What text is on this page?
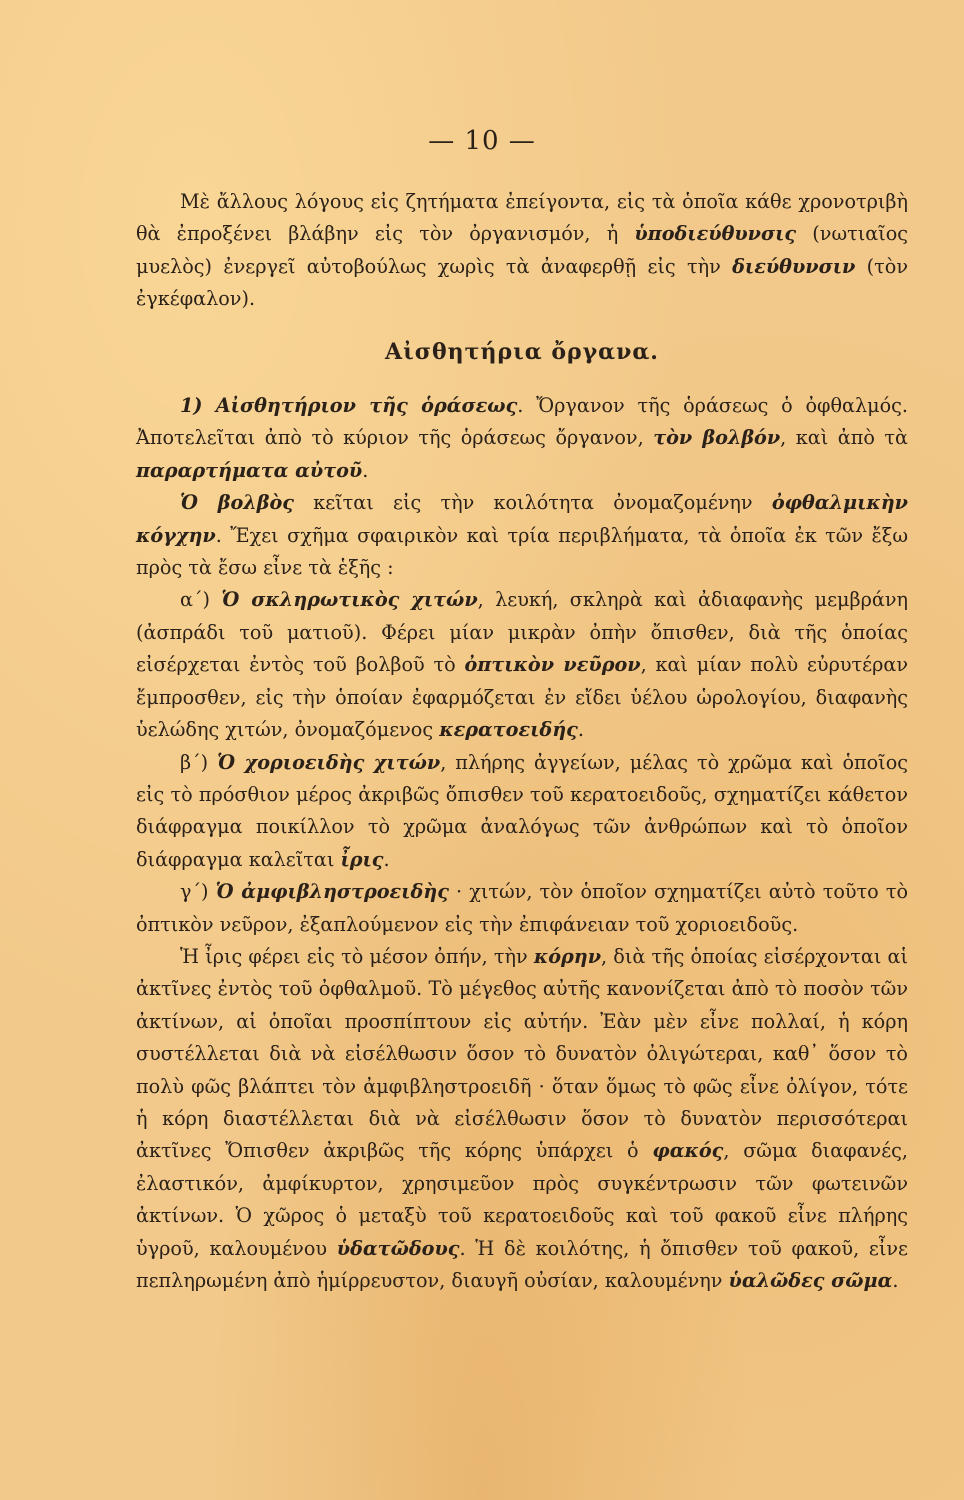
— 10 —

Μὲ ἄλλους λόγους εἰς ζητήματα ἐπείγοντα, εἰς τὰ ὁποῖα κάθε χρονοτριβὴ θὰ ἐπροξένει βλάβην εἰς τὸν ὀργανισμόν, ἡ ὑποδιεύθυνσις (νωτιαῖος μυελὸς) ἐνεργεῖ αὐτοβούλως χωρὶς τὰ ἀναφερθῇ εἰς τὴν διεύθυνσιν (τὸν ἐγκέφαλον).

Αἰσθητήρια ὄργανα.

1) Αἰσθητήριον τῆς ὁράσεως. Ὄργανον τῆς ὁράσεως ὁ ὀφθαλμός. Ἀποτελεῖται ἀπὸ τὸ κύριον τῆς ὁράσεως ὄργανον, τὸν βολβόν, καὶ ἀπὸ τὰ παραρτήματα αὐτοῦ.

Ὁ βολβὸς κεῖται εἰς τὴν κοιλότητα ὀνομαζομένην ὀφθαλμικὴν κόγχην. Ἔχει σχῆμα σφαιρικὸν καὶ τρία περιβλήματα, τὰ ὁποῖα ἐκ τῶν ἔξω πρὸς τὰ ἔσω εἶνε τὰ ἑξῆς :

α΄) Ὁ σκληρωτικὸς χιτών, λευκή, σκληρὰ καὶ ἀδιαφανὴς μεμβράνη (ἀσπράδι τοῦ ματιοῦ). Φέρει μίαν μικρὰν ὀπὴν ὄπισθεν, διὰ τῆς ὁποίας εἰσέρχεται ἐντὸς τοῦ βολβοῦ τὸ ὀπτικὸν νεῦρον, καὶ μίαν πολὺ εὐρυτέραν ἔμπροσθεν, εἰς τὴν ὁποίαν ἐφαρμόζεται ἐν εἴδει ὑέλου ὡρολογίου, διαφανὴς ὑελώδης χιτών, ὀνομαζόμενος κερατοειδής.

β΄) Ὁ χοριοειδὴς χιτών, πλήρης ἀγγείων, μέλας τὸ χρῶμα καὶ ὁποῖος εἰς τὸ πρόσθιον μέρος ἀκριβῶς ὄπισθεν τοῦ κερατοειδοῦς, σχηματίζει κάθετον διάφραγμα ποικίλλον τὸ χρῶμα ἀναλόγως τῶν ἀνθρώπων καὶ τὸ ὁποῖον διάφραγμα καλεῖται ἶρις.

γ΄) Ὁ ἀμφιβληστροειδὴς · χιτών, τὸν ὁποῖον σχηματίζει αὐτὸ τοῦτο τὸ ὀπτικὸν νεῦρον, ἐξαπλούμενον εἰς τὴν ἐπιφάνειαν τοῦ χοριοειδοῦς.

Ἡ ἶρις φέρει εἰς τὸ μέσον ὀπήν, τὴν κόρην, διὰ τῆς ὁποίας εἰσέρχονται αἱ ἀκτῖνες ἐντὸς τοῦ ὀφθαλμοῦ. Τὸ μέγεθος αὐτῆς κανονίζεται ἀπὸ τὸ ποσὸν τῶν ἀκτίνων, αἱ ὁποῖαι προσπίπτουν εἰς αὐτήν. Ἐὰν μὲν εἶνε πολλαί, ἡ κόρη συστέλλεται διὰ νὰ εἰσέλθωσιν ὅσον τὸ δυνατὸν ὀλιγώτεραι, καθ᾽ ὅσον τὸ πολὺ φῶς βλάπτει τὸν ἀμφιβληστροειδῆ · ὅταν ὅμως τὸ φῶς εἶνε ὀλίγον, τότε ἡ κόρη διαστέλλεται διὰ νὰ εἰσέλθωσιν ὅσον τὸ δυνατὸν περισσότεραι ἀκτῖνες Ὄπισθεν ἀκριβῶς τῆς κόρης ὑπάρχει ὁ φακός, σῶμα διαφανές, ἐλαστικόν, ἀμφίκυρτον, χρησιμεῦον πρὸς συγκέντρωσιν τῶν φωτεινῶν ἀκτίνων. Ὁ χῶρος ὁ μεταξὺ τοῦ κερατοειδοῦς καὶ τοῦ φακοῦ εἶνε πλήρης ὑγροῦ, καλουμένου ὑδατῶδους. Ἡ δὲ κοιλότης, ἡ ὄπισθεν τοῦ φακοῦ, εἶνε πεπληρωμένη ἀπὸ ἡμίρρευστον, διαυγῆ οὐσίαν, καλουμένην ὑαλῶδες σῶμα.
